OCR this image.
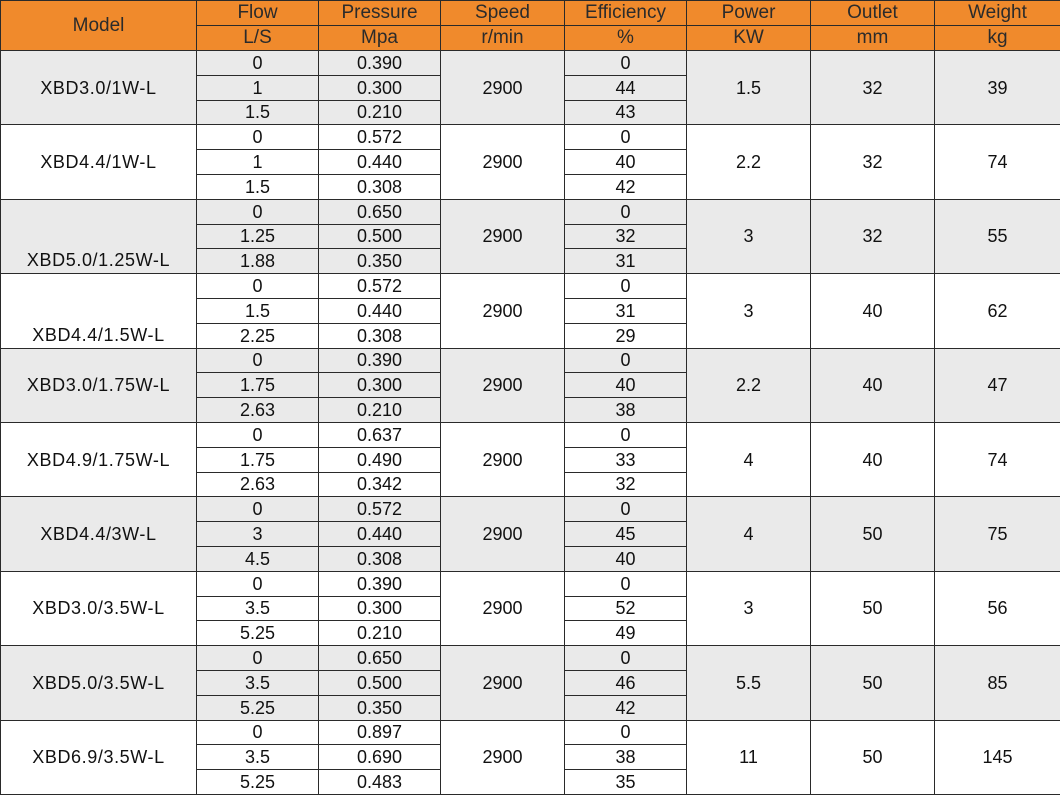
Model	Flow	Pressure	Speed	Efficiency	Power	Outlet	Weight
	L/S	Mpa	r/min	%	KW	mm	kg
XBD3.0/1W-L	0	0.390	2900	0	1.5	32	39
	1	0.300		44			
	1.5	0.210		43			
XBD4.4/1W-L	0	0.572	2900	0	2.2	32	74
	1	0.440		40			
	1.5	0.308		42			
XBD5.0/1.25W-L	0	0.650	2900	0	3	32	55
	1.25	0.500		32			
	1.88	0.350		31			
XBD4.4/1.5W-L	0	0.572	2900	0	3	40	62
	1.5	0.440		31			
	2.25	0.308		29			
XBD3.0/1.75W-L	0	0.390	2900	0	2.2	40	47
	1.75	0.300		40			
	2.63	0.210		38			
XBD4.9/1.75W-L	0	0.637	2900	0	4	40	74
	1.75	0.490		33			
	2.63	0.342		32			
XBD4.4/3W-L	0	0.572	2900	0	4	50	75
	3	0.440		45			
	4.5	0.308		40			
XBD3.0/3.5W-L	0	0.390	2900	0	3	50	56
	3.5	0.300		52			
	5.25	0.210		49			
XBD5.0/3.5W-L	0	0.650	2900	0	5.5	50	85
	3.5	0.500		46			
	5.25	0.350		42			
XBD6.9/3.5W-L	0	0.897	2900	0	11	50	145
	3.5	0.690		38			
	5.25	0.483		35			
